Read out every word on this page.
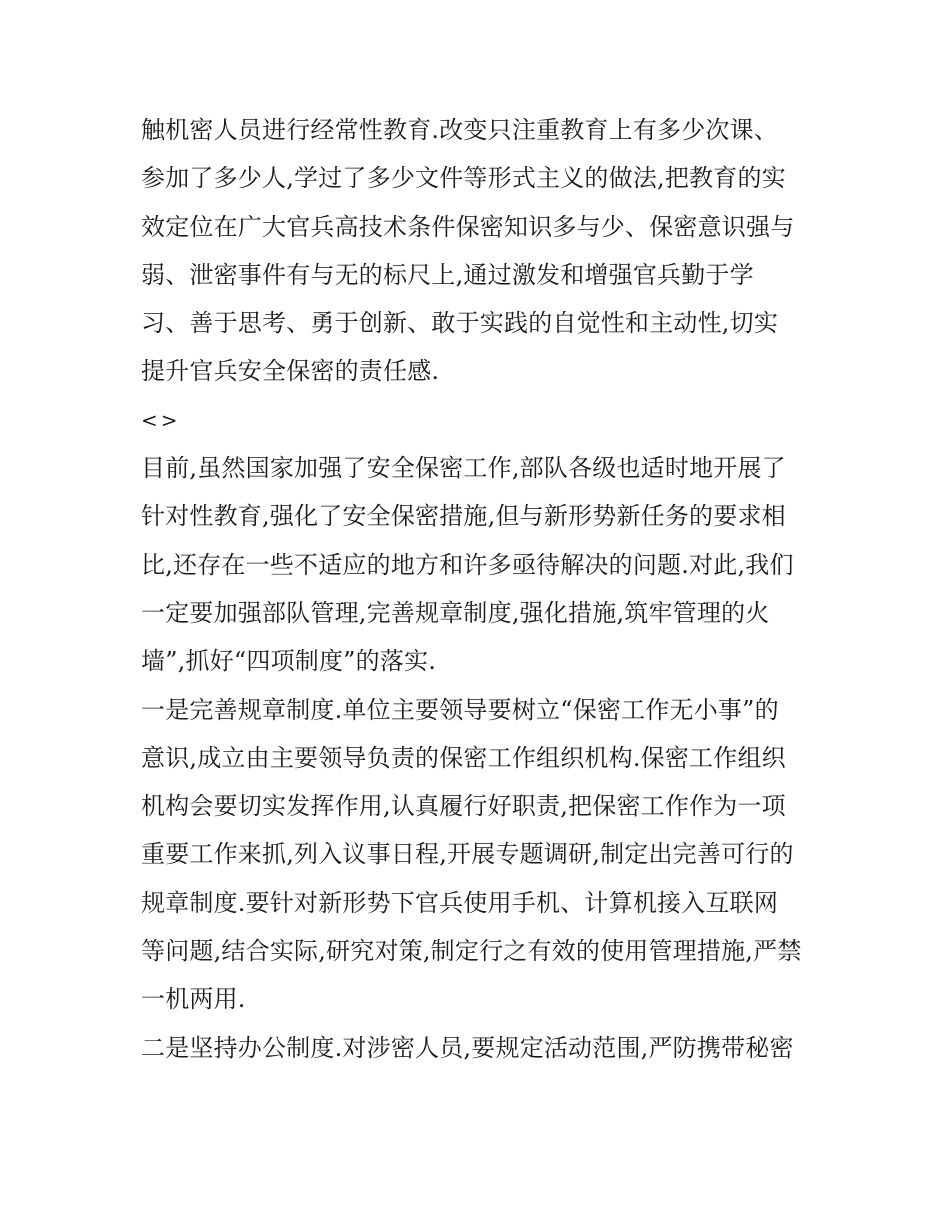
触机密人员进行经常性教育.改变只注重教育上有多少次课、
参加了多少人,学过了多少文件等形式主义的做法,把教育的实
效定位在广大官兵高技术条件保密知识多与少、保密意识强与
弱、泄密事件有与无的标尺上,通过激发和增强官兵勤于学
习、善于思考、勇于创新、敢于实践的自觉性和主动性,切实
提升官兵安全保密的责任感.
<>
目前,虽然国家加强了安全保密工作,部队各级也适时地开展了
针对性教育,强化了安全保密措施,但与新形势新任务的要求相
比,还存在一些不适应的地方和许多亟待解决的问题.对此,我们
一定要加强部队管理,完善规章制度,强化措施,筑牢管理的火
墙”,抓好“四项制度”的落实.
一是完善规章制度.单位主要领导要树立“保密工作无小事”的
意识,成立由主要领导负责的保密工作组织机构.保密工作组织
机构会要切实发挥作用,认真履行好职责,把保密工作作为一项
重要工作来抓,列入议事日程,开展专题调研,制定出完善可行的
规章制度.要针对新形势下官兵使用手机、计算机接入互联网
等问题,结合实际,研究对策,制定行之有效的使用管理措施,严禁
一机两用.
二是坚持办公制度.对涉密人员,要规定活动范围,严防携带秘密
